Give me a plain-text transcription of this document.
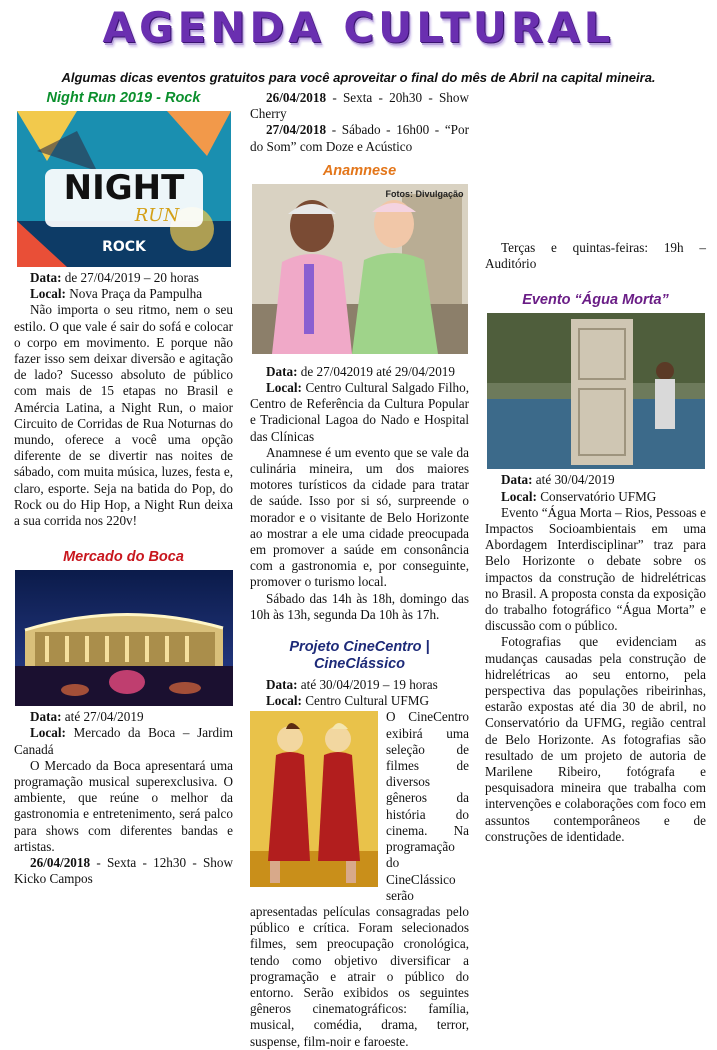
AGENDA CULTURAL
Algumas dicas eventos gratuitos para você aproveitar o final do mês de Abril na capital mineira.
Night Run 2019 - Rock
NIGHT
RUN
ROCK

Data: de 27/04/2019 – 20 horas

Local: Nova Praça da Pampulha

Não importa o seu ritmo, nem o seu estilo. O que vale é sair do sofá e colocar o corpo em movimento. E porque não fazer isso sem deixar diversão e agitação de lado? Sucesso absoluto de público com mais de 15 etapas no Brasil e Amércia Latina, a Night Run, o maior Circuito de Corridas de Rua Noturnas do mundo, oferece a você uma opção diferente de se divertir nas noites de sábado, com muita música, luzes, festa e, claro, esporte. Seja na batida do Pop, do Rock ou do Hip Hop, a Night Run deixa a sua corrida nos 220v!

Mercado do Boca

Data: até 27/04/2019

Local: Mercado da Boca – Jardim Canadá

O Mercado da Boca apresentará uma programação musical superexclusiva. O ambiente, que reúne o melhor da gastronomia e entretenimento, será palco para shows com diferentes bandas e artistas.

26/04/2018 - Sexta - 12h30 - Show Kicko Campos

26/04/2018 - Sexta - 20h30 - Show Cherry

27/04/2018 - Sábado - 16h00 - “Por do Som” com Doze e Acústico

Anamnese
Fotos: Divulgação

Data: de 27/042019 até 29/04/2019

Local: Centro Cultural Salgado Filho, Centro de Referência da Cultura Popular e Tradicional Lagoa do Nado e Hospital das Clínicas

Anamnese é um evento que se vale da culinária mineira, um dos maiores motores turísticos da cidade para tratar de saúde. Isso por si só, surpreende o morador e o visitante de Belo Horizonte ao mostrar a ele uma cidade preocupada em promover a saúde em consonância com a gastronomia e, por conseguinte, promover o turismo local.

Sábado das 14h às 18h, domingo das 10h às 13h, segunda Da 10h às 17h.

Projeto CineCentro | CineClássico

Data: até 30/04/2019 – 19 horas

Local: Centro Cultural UFMG

O CineCentro exibirá uma seleção de filmes de diversos gêneros da história do cinema. Na programação do CineClássico serão apresentadas películas consagradas pelo público e crítica. Foram selecionados filmes, sem preocupação cronológica, tendo como objetivo diversificar a programação e atrair o público do entorno. Serão exibidos os seguintes gêneros cinematográficos: família, musical, comédia, drama, terror, suspense, film-noir e faroeste.

Terças e quintas-feiras: 19h – Auditório

Evento “Água Morta”

Data: até 30/04/2019

Local: Conservatório UFMG

Evento “Água Morta – Rios, Pessoas e Impactos Socioambientais em uma Abordagem Interdisciplinar” traz para Belo Horizonte o debate sobre os impactos da construção de hidrelétricas no Brasil. A proposta consta da exposição do trabalho fotográfico “Água Morta” e discussão com o público.

Fotografias que evidenciam as mudanças causadas pela construção de hidrelétricas ao seu entorno, pela perspectiva das populações ribeirinhas, estarão expostas até dia 30 de abril, no Conservatório da UFMG, região central de Belo Horizonte. As fotografias são resultado de um projeto de autoria de Marilene Ribeiro, fotógrafa e pesquisadora mineira que trabalha com intervenções e colaborações com foco em assuntos contemporâneos e de construções de identidade.
